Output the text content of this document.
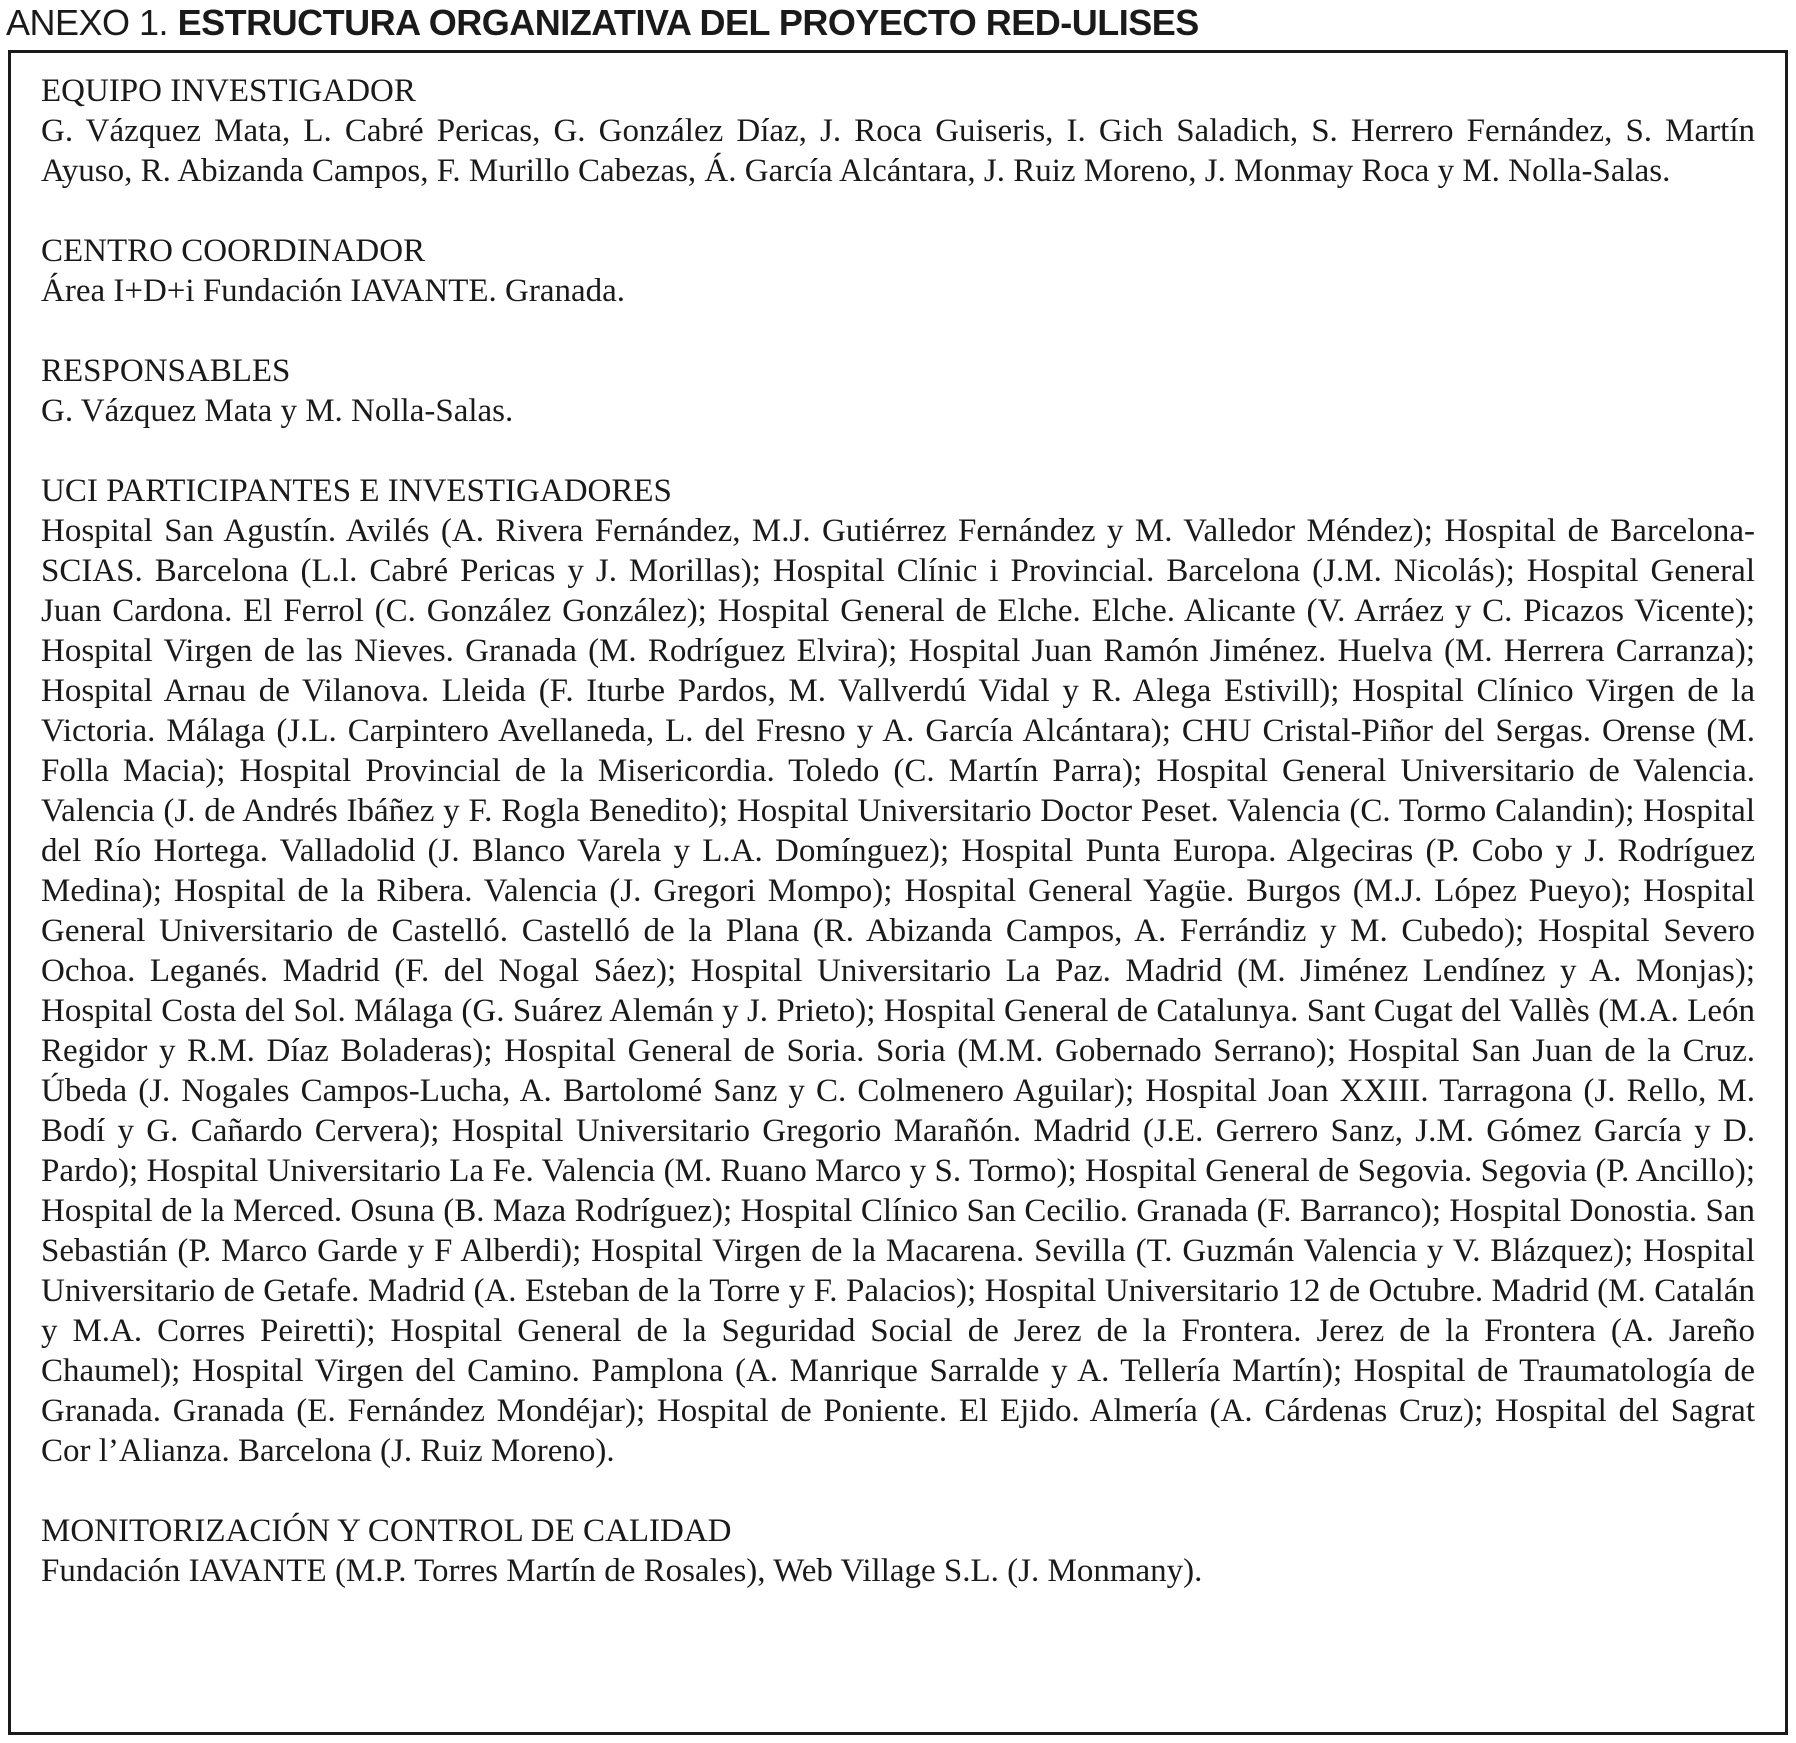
ANEXO 1. ESTRUCTURA ORGANIZATIVA DEL PROYECTO RED-ULISES
EQUIPO INVESTIGADOR
G. Vázquez Mata, L. Cabré Pericas, G. González Díaz, J. Roca Guiseris, I. Gich Saladich, S. Herrero Fernández, S. Martín Ayuso, R. Abizanda Campos, F. Murillo Cabezas, Á. García Alcántara, J. Ruiz Moreno, J. Monmay Roca y M. Nolla-Salas.
CENTRO COORDINADOR
Área I+D+i Fundación IAVANTE. Granada.
RESPONSABLES
G. Vázquez Mata y M. Nolla-Salas.
UCI PARTICIPANTES E INVESTIGADORES
Hospital San Agustín. Avilés (A. Rivera Fernández, M.J. Gutiérrez Fernández y M. Valledor Méndez); Hospital de Barcelona-SCIAS. Barcelona (L.l. Cabré Pericas y J. Morillas); Hospital Clínic i Provincial. Barcelona (J.M. Nicolás); Hospital General Juan Cardona. El Ferrol (C. González González); Hospital General de Elche. Elche. Alicante (V. Arráez y C. Picazos Vicente); Hospital Virgen de las Nieves. Granada (M. Rodríguez Elvira); Hospital Juan Ramón Jiménez. Huelva (M. Herrera Carranza); Hospital Arnau de Vilanova. Lleida (F. Iturbe Pardos, M. Vallverdú Vidal y R. Alega Estivill); Hospital Clínico Virgen de la Victoria. Málaga (J.L. Carpintero Avellaneda, L. del Fresno y A. García Alcántara); CHU Cristal-Piñor del Sergas. Orense (M. Folla Macia); Hospital Provincial de la Misericordia. Toledo (C. Martín Parra); Hospital General Universitario de Valencia. Valencia (J. de Andrés Ibáñez y F. Rogla Benedito); Hospital Universitario Doctor Peset. Valencia (C. Tormo Calandin); Hospital del Río Hortega. Valladolid (J. Blanco Varela y L.A. Domínguez); Hospital Punta Europa. Algeciras (P. Cobo y J. Rodríguez Medina); Hospital de la Ribera. Valencia (J. Gregori Mompo); Hospital General Yagüe. Burgos (M.J. López Pueyo); Hospital General Universitario de Castelló. Castelló de la Plana (R. Abizanda Campos, A. Ferrándiz y M. Cubedo); Hospital Severo Ochoa. Leganés. Madrid (F. del Nogal Sáez); Hospital Universitario La Paz. Madrid (M. Jiménez Lendínez y A. Monjas); Hospital Costa del Sol. Málaga (G. Suárez Alemán y J. Prieto); Hospital General de Catalunya. Sant Cugat del Vallès (M.A. León Regidor y R.M. Díaz Boladeras); Hospital General de Soria. Soria (M.M. Gobernado Serrano); Hospital San Juan de la Cruz. Úbeda (J. Nogales Campos-Lucha, A. Bartolomé Sanz y C. Colmenero Aguilar); Hospital Joan XXIII. Tarragona (J. Rello, M. Bodí y G. Cañardo Cervera); Hospital Universitario Gregorio Marañón. Madrid (J.E. Gerrero Sanz, J.M. Gómez García y D. Pardo); Hospital Universitario La Fe. Valencia (M. Ruano Marco y S. Tormo); Hospital General de Segovia. Segovia (P. Ancillo); Hospital de la Merced. Osuna (B. Maza Rodríguez); Hospital Clínico San Cecilio. Granada (F. Barranco); Hospital Donostia. San Sebastián (P. Marco Garde y F Alberdi); Hospital Virgen de la Macarena. Sevilla (T. Guzmán Valencia y V. Blázquez); Hospital Universitario de Getafe. Madrid (A. Esteban de la Torre y F. Palacios); Hospital Universitario 12 de Octubre. Madrid (M. Catalán y M.A. Corres Peiretti); Hospital General de la Seguridad Social de Jerez de la Frontera. Jerez de la Frontera (A. Jareño Chaumel); Hospital Virgen del Camino. Pamplona (A. Manrique Sarralde y A. Tellería Martín); Hospital de Traumatología de Granada. Granada (E. Fernández Mondéjar); Hospital de Poniente. El Ejido. Almería (A. Cárdenas Cruz); Hospital del Sagrat Cor l’Alianza. Barcelona (J. Ruiz Moreno).
MONITORIZACIÓN Y CONTROL DE CALIDAD
Fundación IAVANTE (M.P. Torres Martín de Rosales), Web Village S.L. (J. Monmany).
